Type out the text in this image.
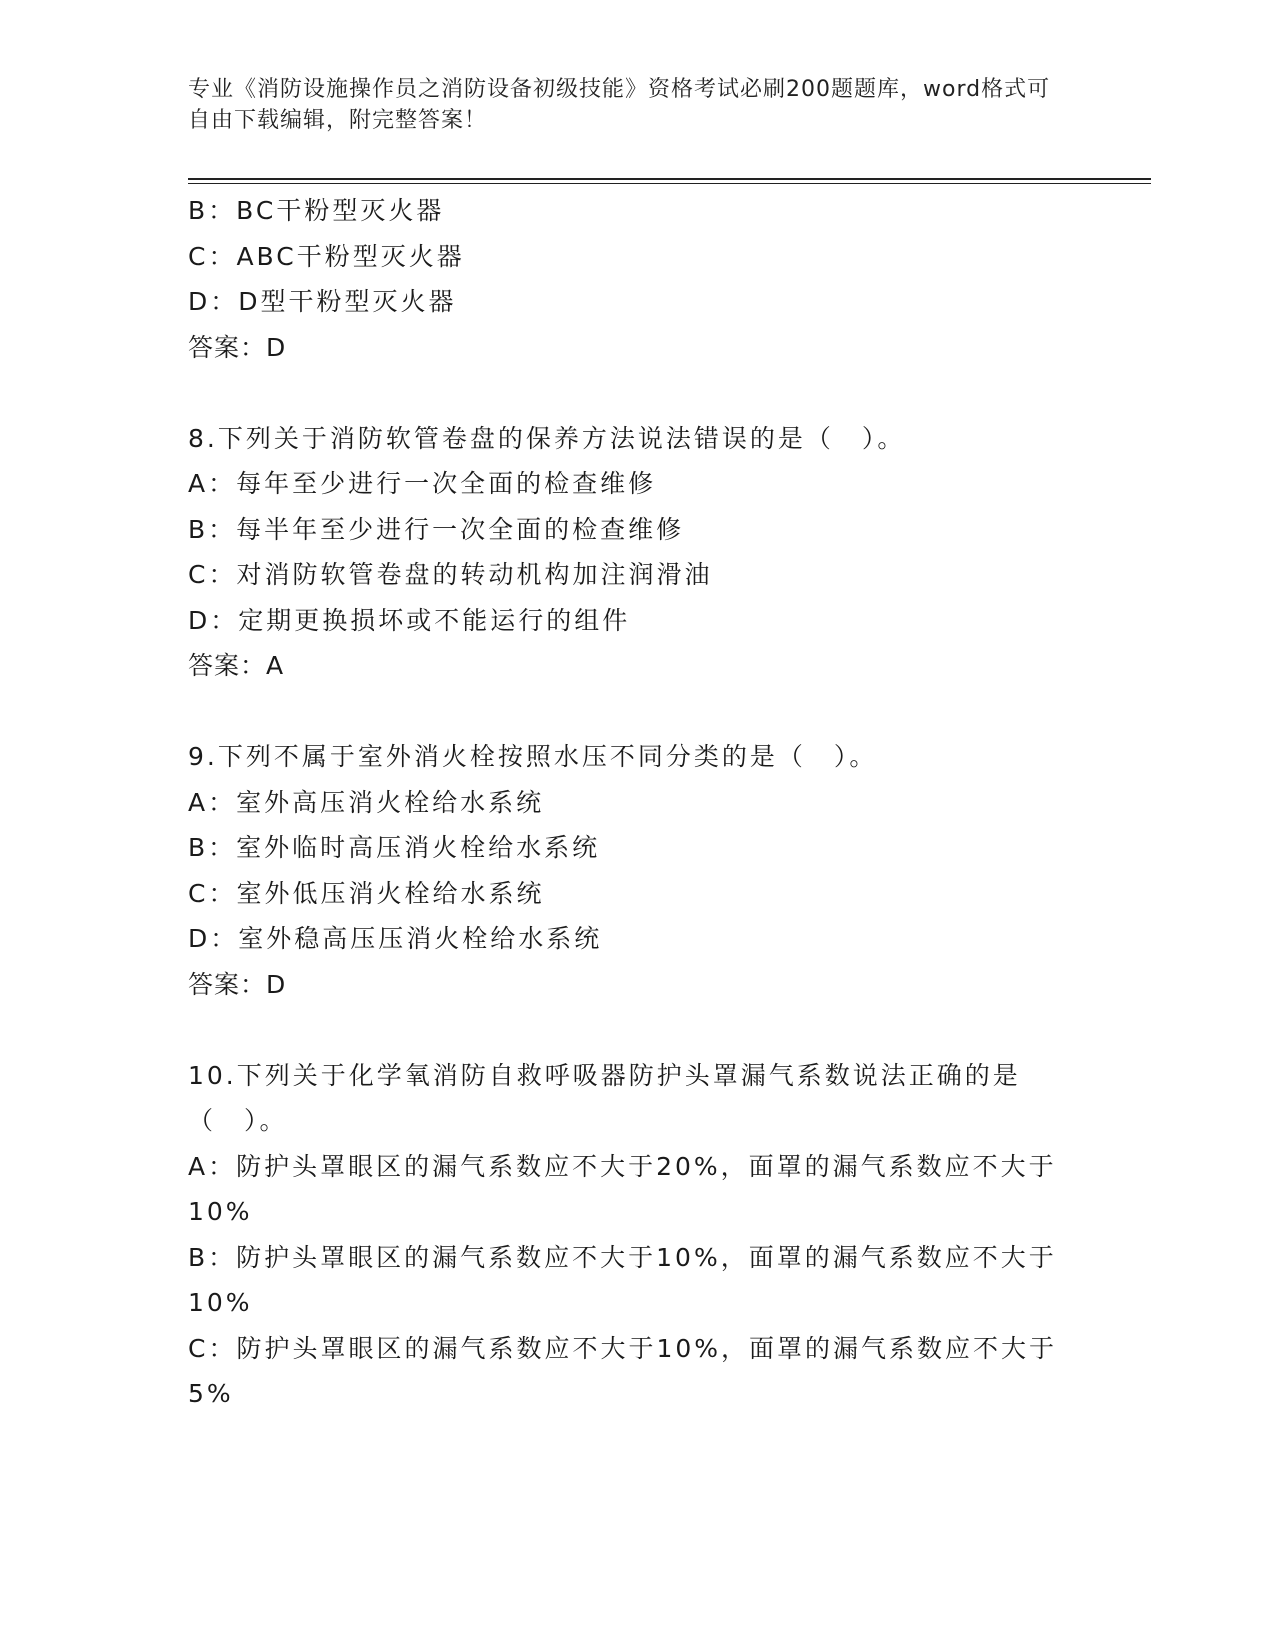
专业《消防设施操作员之消防设备初级技能》资格考试必刷200题题库，word格式可自由下载编辑，附完整答案！
B：BC干粉型灭火器
C：ABC干粉型灭火器
D：D型干粉型灭火器
答案：D
8.下列关于消防软管卷盘的保养方法说法错误的是（　）。
A：每年至少进行一次全面的检查维修
B：每半年至少进行一次全面的检查维修
C：对消防软管卷盘的转动机构加注润滑油
D：定期更换损坏或不能运行的组件
答案：A
9.下列不属于室外消火栓按照水压不同分类的是（　）。
A：室外高压消火栓给水系统
B：室外临时高压消火栓给水系统
C：室外低压消火栓给水系统
D：室外稳高压压消火栓给水系统
答案：D
10.下列关于化学氧消防自救呼吸器防护头罩漏气系数说法正确的是（　）。
A：防护头罩眼区的漏气系数应不大于20%，面罩的漏气系数应不大于10%
B：防护头罩眼区的漏气系数应不大于10%，面罩的漏气系数应不大于10%
C：防护头罩眼区的漏气系数应不大于10%，面罩的漏气系数应不大于5%
